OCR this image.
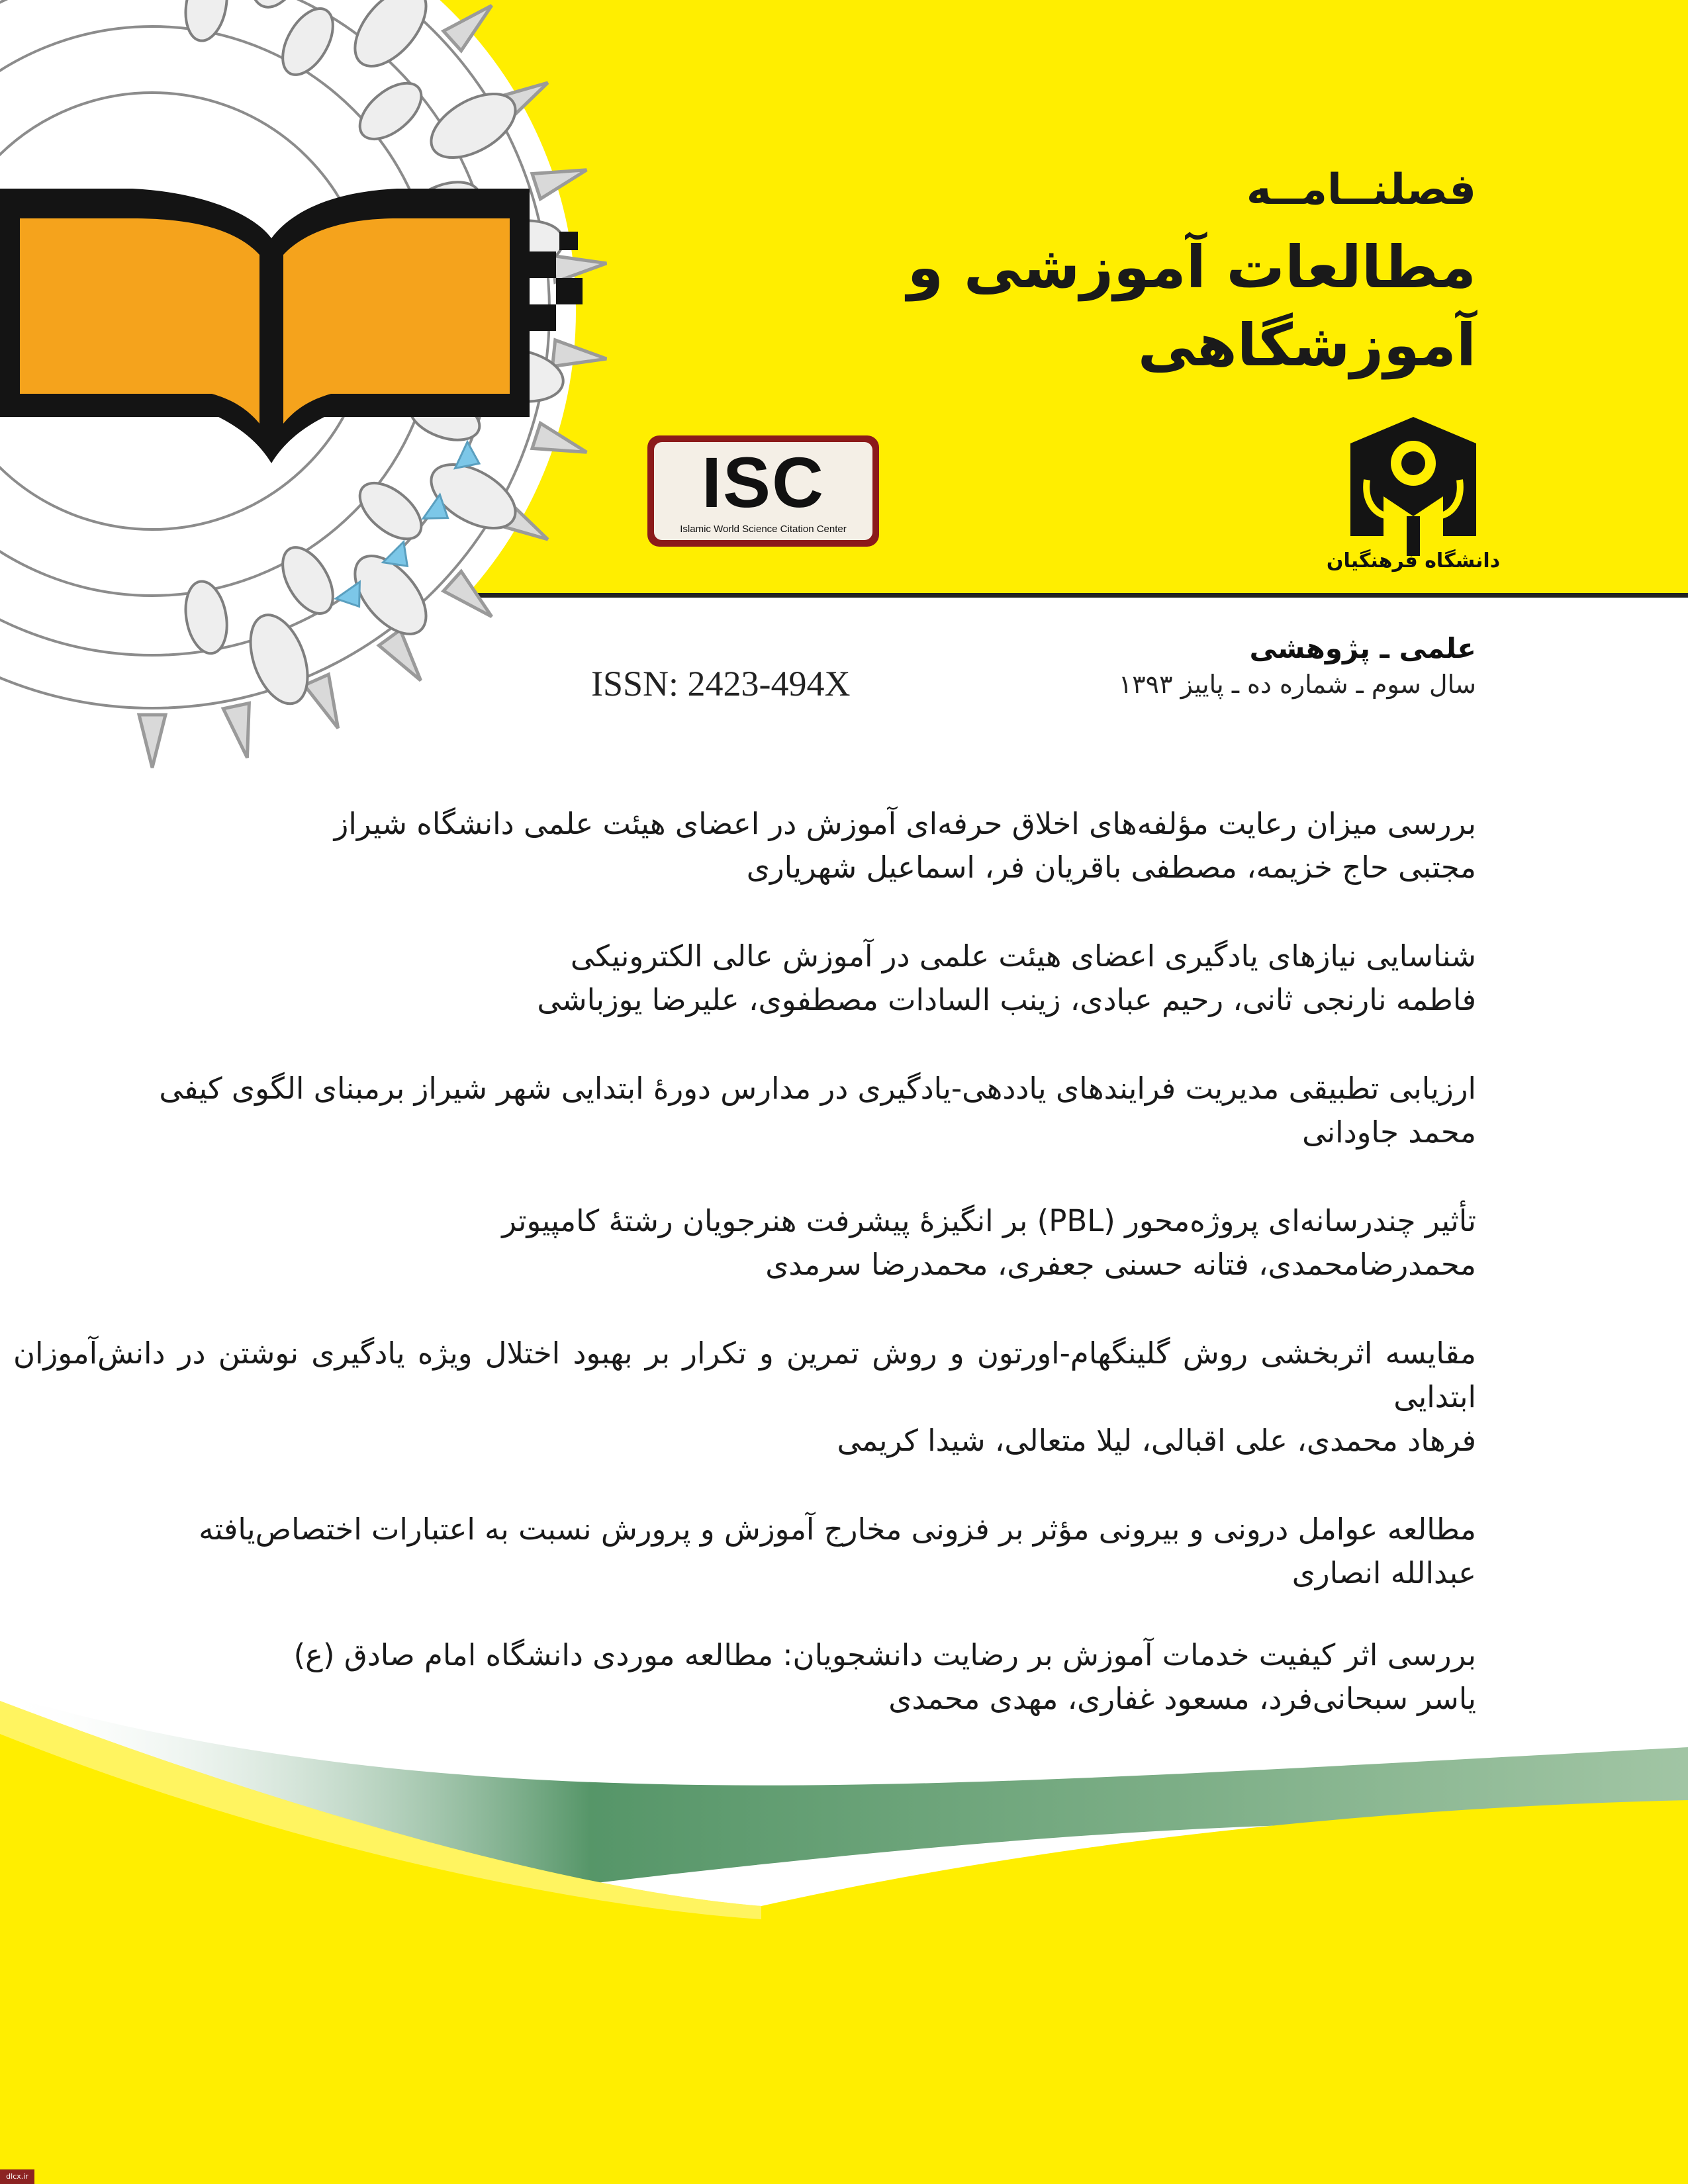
فصلنــامــه
مطالعات آموزشی و
آموزشگاهی
ISC
Islamic World Science Citation Center
دانشگاه فرهنگیان
علمی ـ پژوهشی
سال سوم ـ شماره ده ـ پاییز ۱۳۹۳
ISSN: 2423-494X
بررسی میزان رعایت مؤلفه‌های اخلاق حرفه‌ای آموزش در اعضای هیئت علمی دانشگاه شیراز
مجتبی حاج خزیمه، مصطفی باقریان فر، اسماعیل شهریاری
شناسایی نیازهای یادگیری اعضای هیئت علمی در آموزش عالی الکترونیکی
فاطمه نارنجی ثانی، رحیم عبادی، زینب السادات مصطفوی، علیرضا یوزباشی
ارزیابی تطبیقی مدیریت فرایندهای یاددهی-یادگیری در مدارس دورۀ ابتدایی شهر شیراز برمبنای الگوی کیفی
محمد جاودانی
تأثیر چندرسانه‌ای پروژه‌محور (PBL) بر انگیزۀ پیشرفت هنرجویان رشتۀ کامپیوتر
محمدرضامحمدی، فتانه حسنی جعفری، محمدرضا سرمدی
مقایسه اثربخشی روش گلینگهام-اورتون و روش تمرین و تکرار بر بهبود اختلال ویژه یادگیری نوشتن در دانش‌آموزان ابتدایی
فرهاد محمدی، علی اقبالی، لیلا متعالی، شیدا کریمی
مطالعه عوامل درونی و بیرونی مؤثر بر فزونی مخارج آموزش و پرورش نسبت به اعتبارات اختصاص‌یافته
عبدالله انصاری
بررسی اثر کیفیت خدمات آموزش بر رضایت دانشجویان: مطالعه موردی دانشگاه امام صادق (ع)
یاسر سبحانی‌فرد، مسعود غفاری، مهدی محمدی
dlcx.ir
